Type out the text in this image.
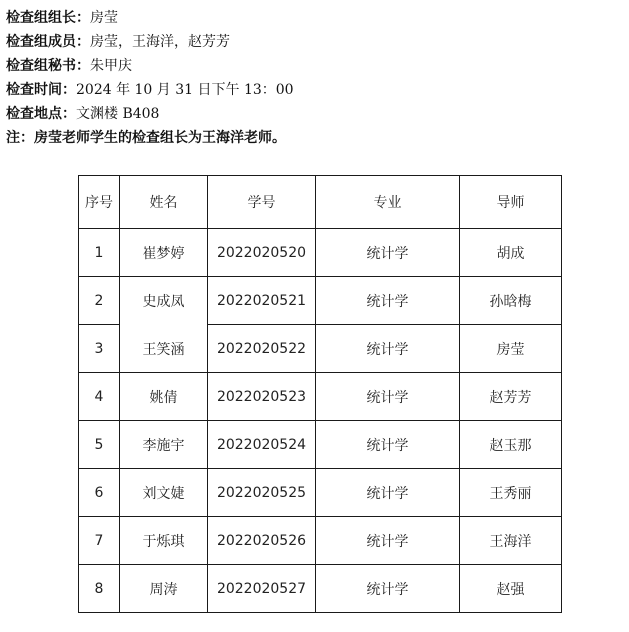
检查组组长：房莹
检查组成员：房莹，王海洋，赵芳芳
检查组秘书：朱甲庆
检查时间：2024 年 10 月 31 日下午 13：00
检查地点：文渊楼 B408
注：房莹老师学生的检查组长为王海洋老师。
序号	姓名	学号	专业	导师
1	崔梦婷	2022020520	统计学	胡成
2	史成凤	2022020521	统计学	孙晗梅
3	王笑涵	2022020522	统计学	房莹
4	姚倩	2022020523	统计学	赵芳芳
5	李施宇	2022020524	统计学	赵玉那
6	刘文婕	2022020525	统计学	王秀丽
7	于烁琪	2022020526	统计学	王海洋
8	周涛	2022020527	统计学	赵强
